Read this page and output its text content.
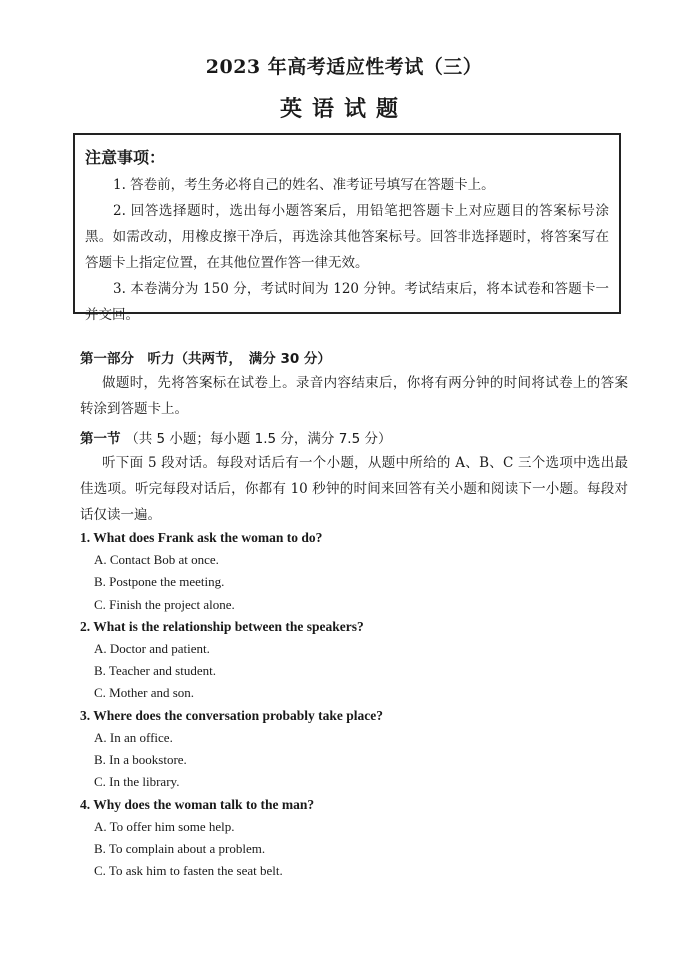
2023 年高考适应性考试（三）
英语试题

注意事项：

1. 答卷前，考生务必将自己的姓名、准考证号填写在答题卡上。

2. 回答选择题时，选出每小题答案后，用铅笔把答题卡上对应题目的答案标号涂黑。如需改动，用橡皮擦干净后，再选涂其他答案标号。回答非选择题时，将答案写在答题卡上指定位置，在其他位置作答一律无效。

3. 本卷满分为 150 分，考试时间为 120 分钟。考试结束后，将本试卷和答题卡一并交回。

第一部分　听力（共两节，　满分 30 分）

做题时，先将答案标在试卷上。录音内容结束后，你将有两分钟的时间将试卷上的答案转涂到答题卡上。

第一节 （共 5 小题；每小题 1.5 分，满分 7.5 分）

听下面 5 段对话。每段对话后有一个小题，从题中所给的 A、B、C 三个选项中选出最佳选项。听完每段对话后，你都有 10 秒钟的时间来回答有关小题和阅读下一小题。每段对话仅读一遍。

1. What does Frank ask the woman to do?

A. Contact Bob at once.

B. Postpone the meeting.

C. Finish the project alone.

2. What is the relationship between the speakers?

A. Doctor and patient.

B. Teacher and student.

C. Mother and son.

3. Where does the conversation probably take place?

A. In an office.

B. In a bookstore.

C. In the library.

4. Why does the woman talk to the man?

A. To offer him some help.

B. To complain about a problem.

C. To ask him to fasten the seat belt.
